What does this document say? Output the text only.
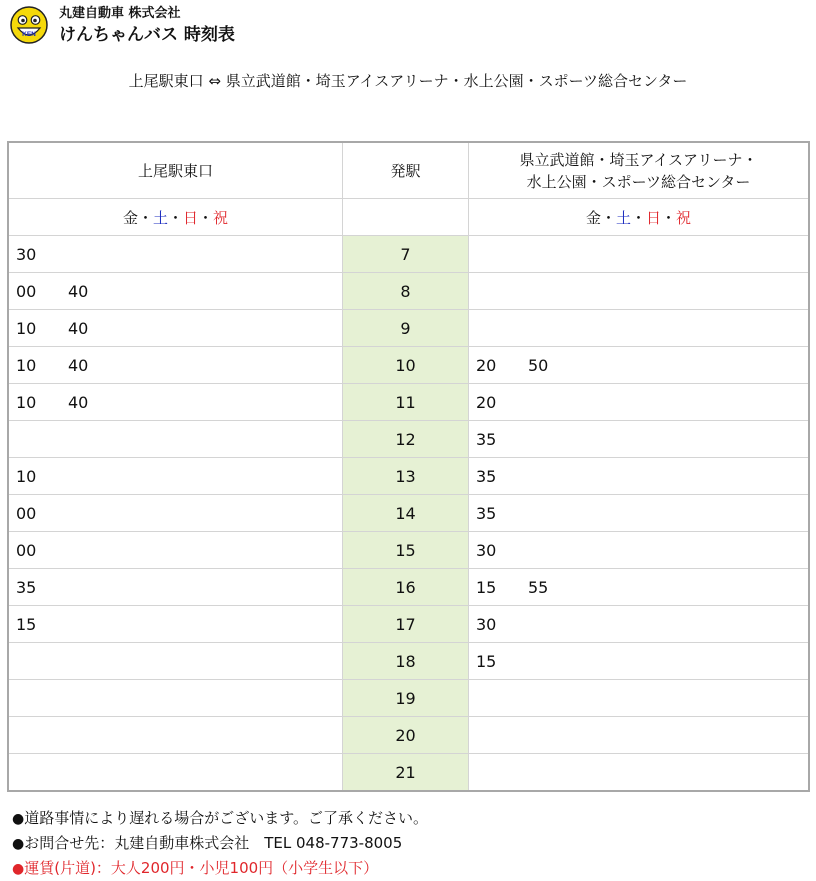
KEN
丸建自動車 株式会社
けんちゃんバス 時刻表
上尾駅東口 ⇔ 県立武道館・埼玉アイスアリーナ・水上公園・スポーツ総合センター
上尾駅東口	発駅	県立武道館・埼玉アイスアリーナ・
水上公園・スポーツ総合センター
金・土・日・祝		金・土・日・祝
30	7	
00 40	8	
10 40	9	
10 40	10	20 50
10 40	11	20
	12	35
10	13	35
00	14	35
00	15	30
35	16	15 55
15	17	30
	18	15
	19	
	20	
	21	
●道路事情により遅れる場合がございます。ご了承ください。
●お問合せ先：丸建自動車株式会社　TEL 048-773-8005
●運賃(片道)：大人200円・小児100円（小学生以下）
